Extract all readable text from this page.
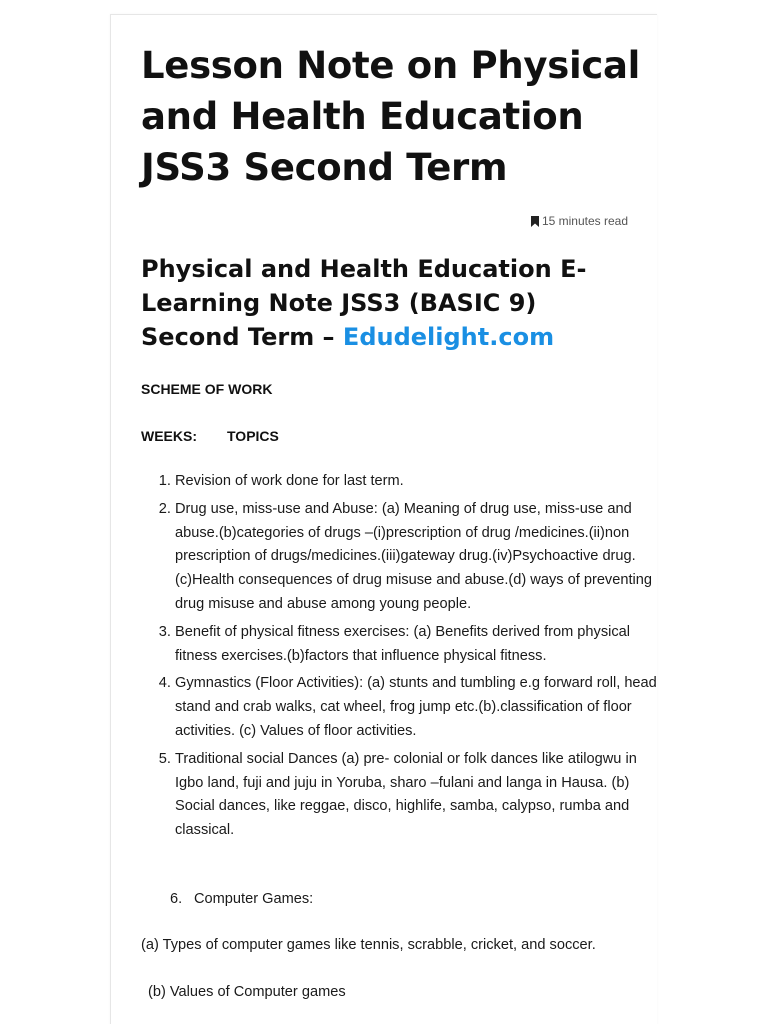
Lesson Note on Physical and Health Education JSS3 Second Term
15 minutes read
Physical and Health Education E-Learning Note JSS3 (BASIC 9) Second Term – Edudelight.com
SCHEME OF WORK
WEEKS:	TOPICS
1. Revision of work done for last term.
2. Drug use, miss-use and Abuse: (a) Meaning of drug use, miss-use and abuse.(b)categories of drugs –(i)prescription of drug /medicines.(ii)non prescription of drugs/medicines.(iii)gateway drug.(iv)Psychoactive drug.(c)Health consequences of drug misuse and abuse.(d) ways of preventing drug misuse and abuse among young people.
3. Benefit of physical fitness exercises: (a) Benefits derived from physical fitness exercises.(b)factors that influence physical fitness.
4. Gymnastics (Floor Activities): (a) stunts and tumbling e.g forward roll, head stand and crab walks, cat wheel, frog jump etc.(b).classification of floor activities. (c) Values of floor activities.
5. Traditional social Dances (a) pre- colonial or folk dances like atilogwu in Igbo land, fuji and juju in Yoruba, sharo –fulani and langa in Hausa. (b) Social dances, like reggae, disco, highlife, samba, calypso, rumba and classical.
6. Computer Games:
(a) Types of computer games like tennis, scrabble, cricket, and soccer.
(b) Values of Computer games
